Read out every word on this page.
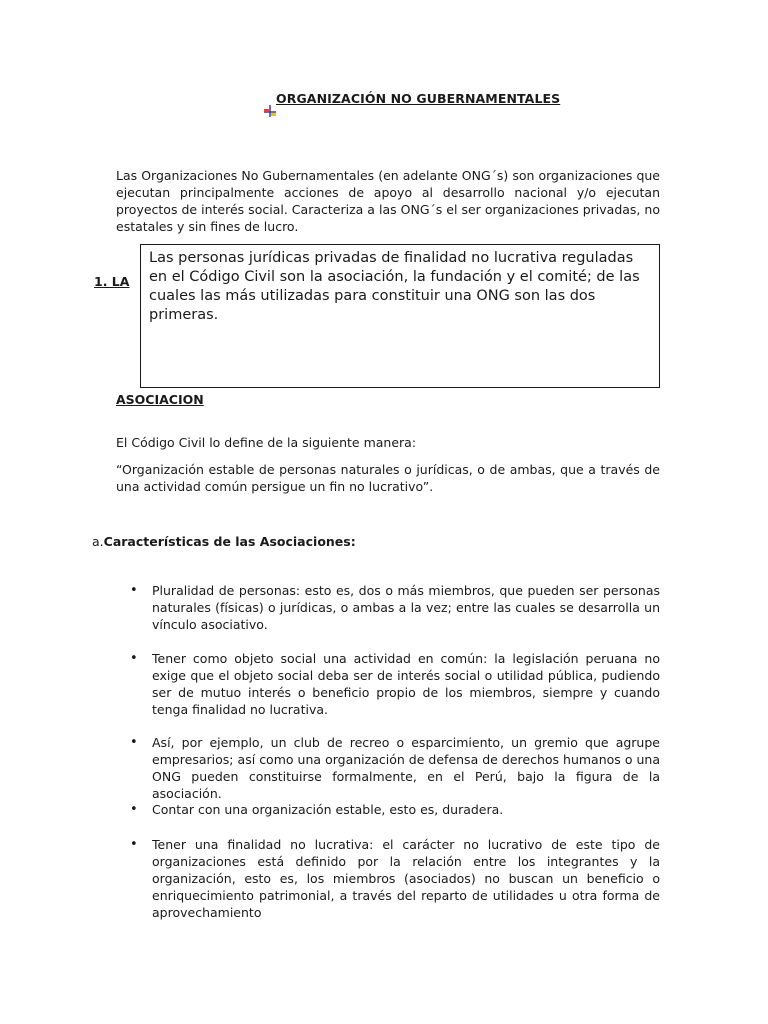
ORGANIZACIÓN NO GUBERNAMENTALES
Las Organizaciones No Gubernamentales (en adelante ONG´s) son organizaciones que ejecutan principalmente acciones de apoyo al desarrollo nacional y/o ejecutan proyectos de interés social. Caracteriza a las ONG´s el ser organizaciones privadas, no estatales y sin fines de lucro.
1. LA
Las personas jurídicas privadas de finalidad no lucrativa reguladas en el Código Civil son la asociación, la fundación y el comité; de las cuales las más utilizadas para constituir una ONG son las dos primeras.
ASOCIACION
El Código Civil lo define de la siguiente manera:
“Organización estable de personas naturales o jurídicas, o de ambas, que a través de una actividad común persigue un fin no lucrativo”.
a.Características de las Asociaciones:
• Pluralidad de personas: esto es, dos o más miembros, que pueden ser personas naturales (físicas) o jurídicas, o ambas a la vez; entre las cuales se desarrolla un vínculo asociativo.
• Tener como objeto social una actividad en común: la legislación peruana no exige que el objeto social deba ser de interés social o utilidad pública, pudiendo ser de mutuo interés o beneficio propio de los miembros, siempre y cuando tenga finalidad no lucrativa.
• Así, por ejemplo, un club de recreo o esparcimiento, un gremio que agrupe empresarios; así como una organización de defensa de derechos humanos o una ONG pueden constituirse formalmente, en el Perú, bajo la figura de la asociación.
• Contar con una organización estable, esto es, duradera.
• Tener una finalidad no lucrativa: el carácter no lucrativo de este tipo de organizaciones está definido por la relación entre los integrantes y la organización, esto es, los miembros (asociados) no buscan un beneficio o enriquecimiento patrimonial, a través del reparto de utilidades u otra forma de aprovechamiento
